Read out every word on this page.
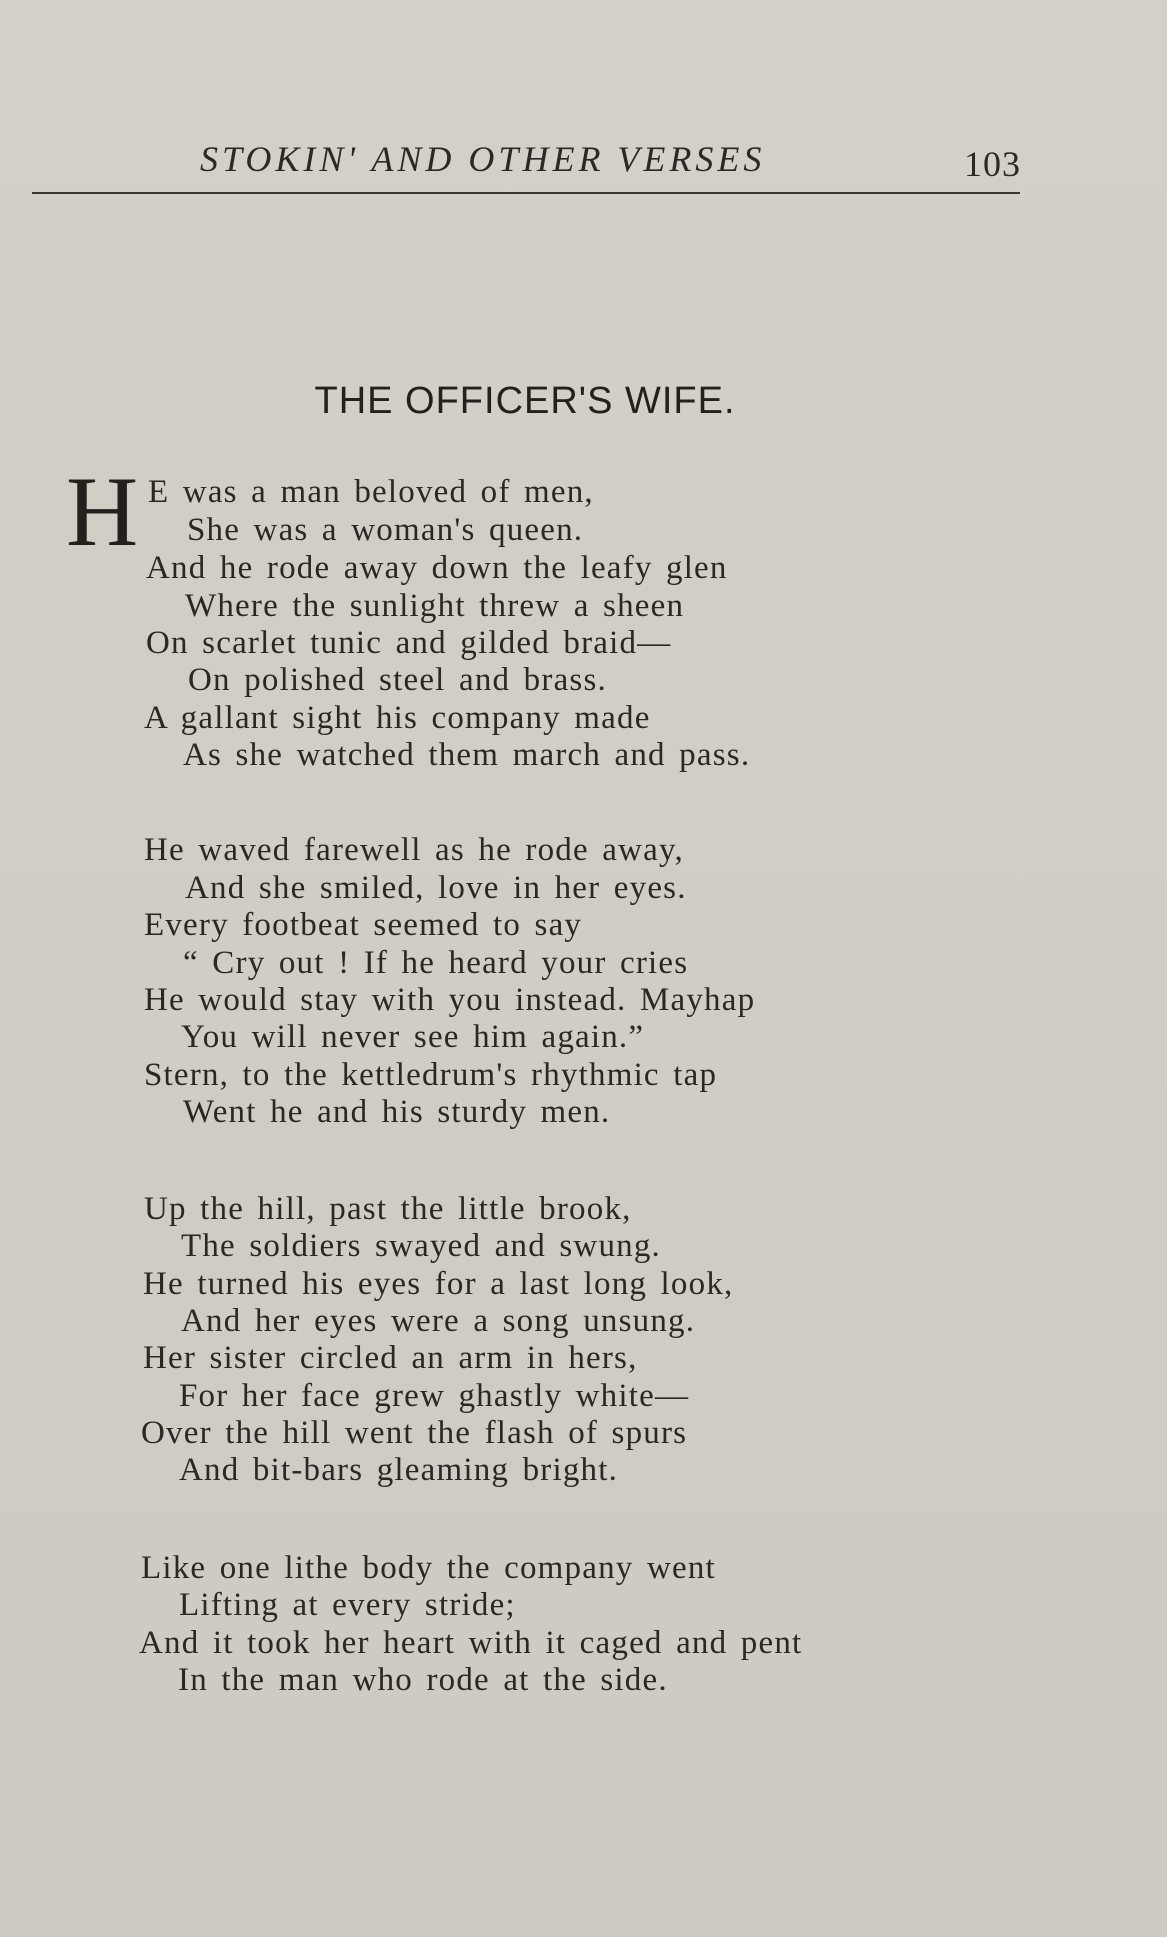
STOKIN' AND OTHER VERSES	103
THE OFFICER'S WIFE.
H E was a man beloved of men,
She was a woman's queen.
And he rode away down the leafy glen
Where the sunlight threw a sheen
On scarlet tunic and gilded braid—
On polished steel and brass.
A gallant sight his company made
As she watched them march and pass.
He waved farewell as he rode away,
And she smiled, love in her eyes.
Every footbeat seemed to say
“ Cry out ! If he heard your cries
He would stay with you instead. Mayhap
You will never see him again.”
Stern, to the kettledrum's rhythmic tap
Went he and his sturdy men.
Up the hill, past the little brook,
The soldiers swayed and swung.
He turned his eyes for a last long look,
And her eyes were a song unsung.
Her sister circled an arm in hers,
For her face grew ghastly white—
Over the hill went the flash of spurs
And bit-bars gleaming bright.
Like one lithe body the company went
Lifting at every stride;
And it took her heart with it caged and pent
In the man who rode at the side.
